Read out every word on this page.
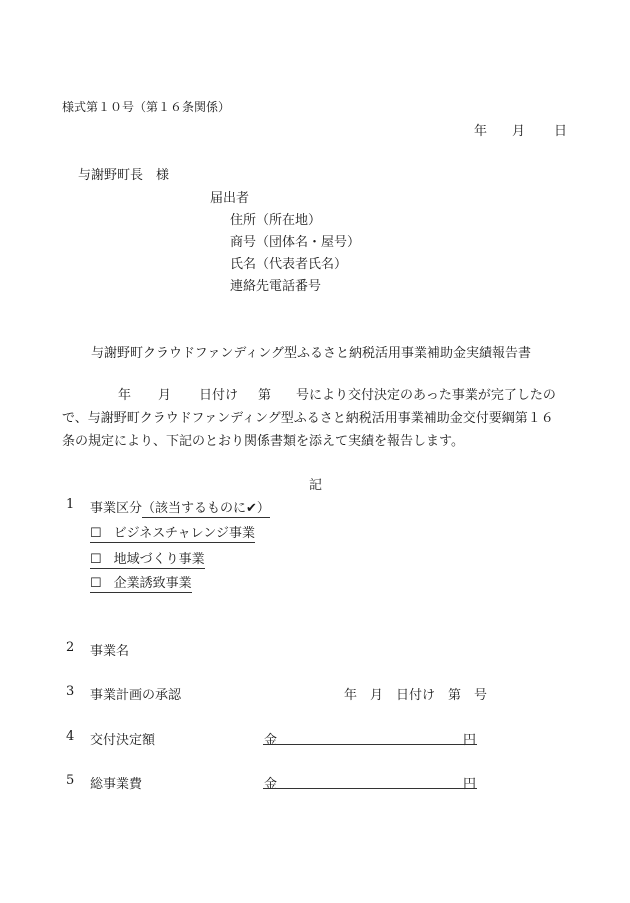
様式第１０号（第１６条関係）
年 月 日
与謝野町長　様
届出者
住所（所在地）
商号（団体名・屋号）
氏名（代表者氏名）
連絡先電話番号
与謝野町クラウドファンディング型ふるさと納税活用事業補助金実績報告書
年 月 日付け 第 号により交付決定のあった事業が完了したの
で、与謝野町クラウドファンディング型ふるさと納税活用事業補助金交付要綱第１６
条の規定により、下記のとおり関係書類を添えて実績を報告します。
記
1 事業区分（該当するものに✔）
☐ ビジネスチャレンジ事業
☐ 地域づくり事業
☐ 企業誘致事業
2 事業名
3 事業計画の承認	年　月　日付け　第　号
4 交付決定額	金	円
5 総事業費	金	円
